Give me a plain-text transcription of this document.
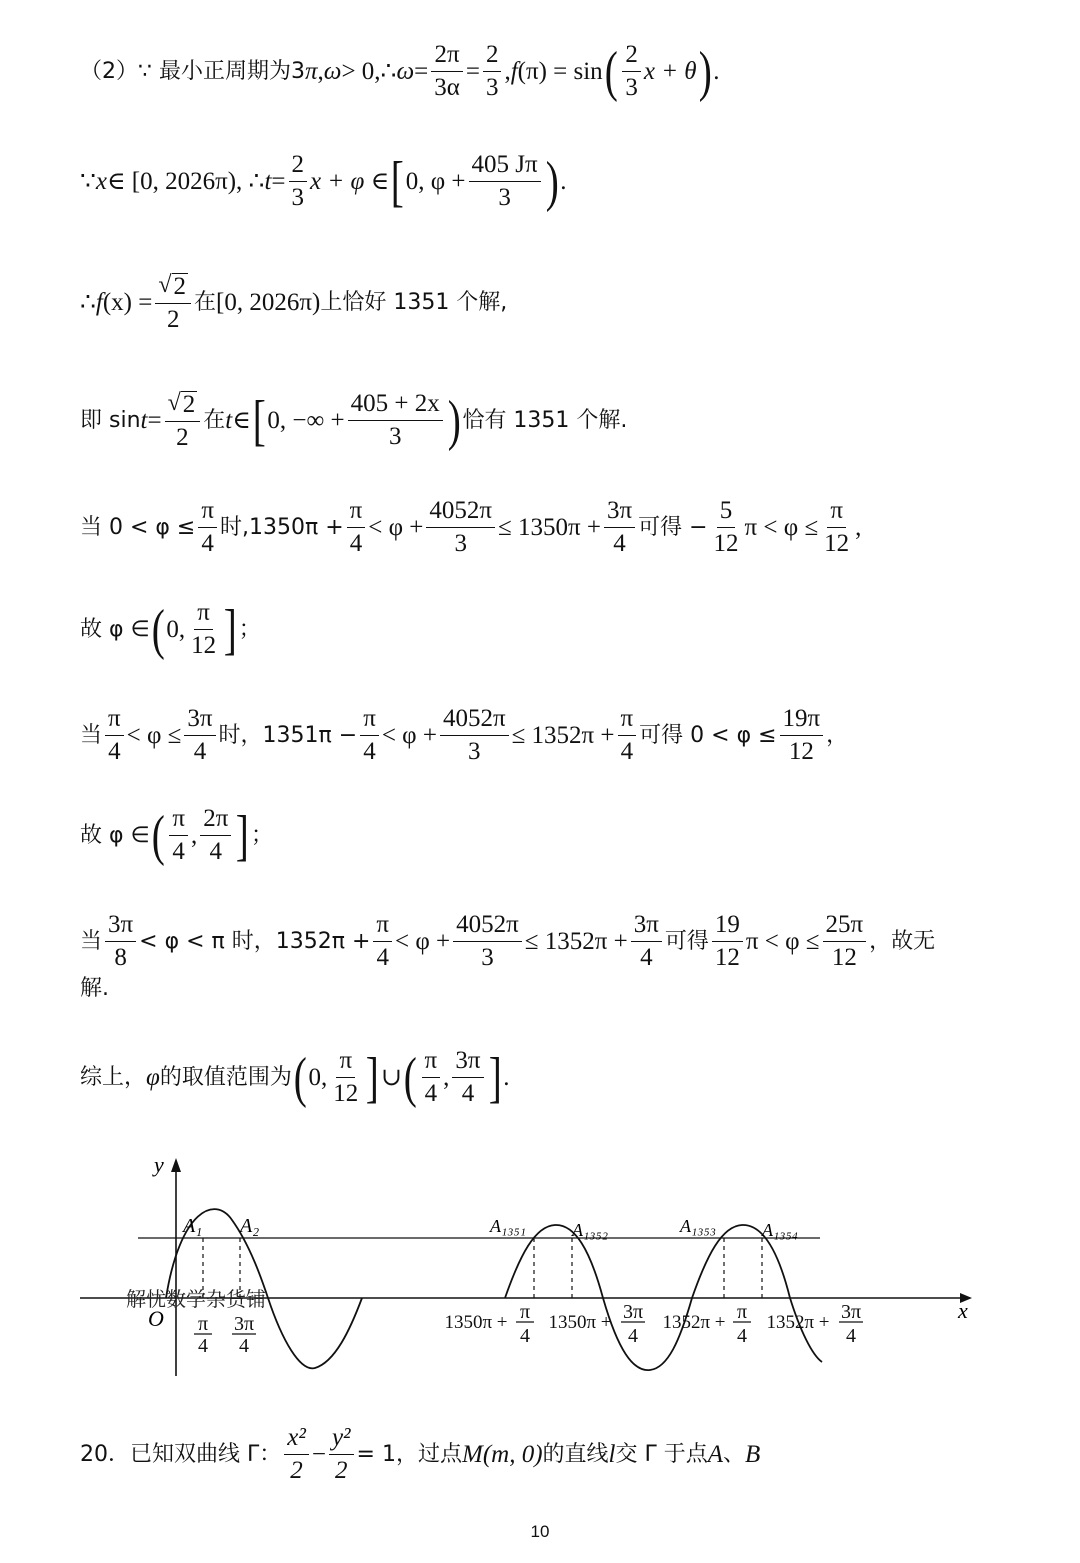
（2）∵ 最小正周期为3 π , ω > 0,∴ $\omega = \frac{2\pi}{3\alpha} = \frac{2}{3}$ , f (π) = sin ( $\frac{2}{3}$ x + θ ) .
∵ x ∈ [0, 2026π), ∴ $t = \frac{2}{3}$ x + φ ∈ [ 0, $\varphi + \frac{405 J\pi}{3}$ ) .
∴ f $(x) = \frac{√ 2}{2}$ 在 [0, 2026π) 上恰好 1351 个解,
即 $\sin t = \frac{√ 2}{2}$ 在 t ∈ [ 0, −∞ + $\frac{405 + 2x}{3}$ ) 恰有 1351 个解.
当 $0 < \varphi \le \frac{\pi}{4}$ 时$,1350\pi + \frac{\pi}{4} < \varphi + \frac{4052\pi}{3} \le 1350\pi + \frac{3\pi}{4}$ 可得 − $\frac{5}{12}$ $\pi < \varphi \le \frac{\pi}{12}$ ,
故 φ ∈ ( 0, $\frac{\pi}{12}$ ] ；
当 $\frac{\pi}{4} < \varphi \le \frac{3\pi}{4}$ 时，$1351\pi - \frac{\pi}{4} < \varphi + \frac{4052\pi}{3} \le 1352\pi + \frac{\pi}{4}$ 可得 $0 < \varphi \le \frac{19\pi}{12}$ ，
故 φ ∈ ( $\frac{\pi}{4}$ , $\frac{2\pi}{4}$ ] ；
当 $\frac{3\pi}{8} < \varphi < \pi$ 时，$1352\pi + \frac{\pi}{4} < \varphi + \frac{4052\pi}{3} \le 1352\pi + \frac{3\pi}{4}$ 可得 $\frac{19}{12}$ $\pi < \varphi \le \frac{25\pi}{12}$ ，故无
解.
综上， φ 的取值范围为 ( 0, $\frac{\pi}{12}$ ] ∪ ( $\frac{\pi}{4}$ , $\frac{3\pi}{4}$ ] .
y
x
O
A₁ A₂	A₁₃₅₁	A₁₃₅₂	A₁₃₅₃	A₁₃₅₄
解忧数学杂货铺
π
4
3π
4
1350π + π
4
1350π + 3π
4
1352π + π
4
1352π + 3π
4
20．已知双曲线 Γ： $\frac{\text{x²}}{2} - \frac{\text{y²}}{2} = 1$，过点 M (m, 0) 的直线 l 交 Γ 于点 A 、 B
10
